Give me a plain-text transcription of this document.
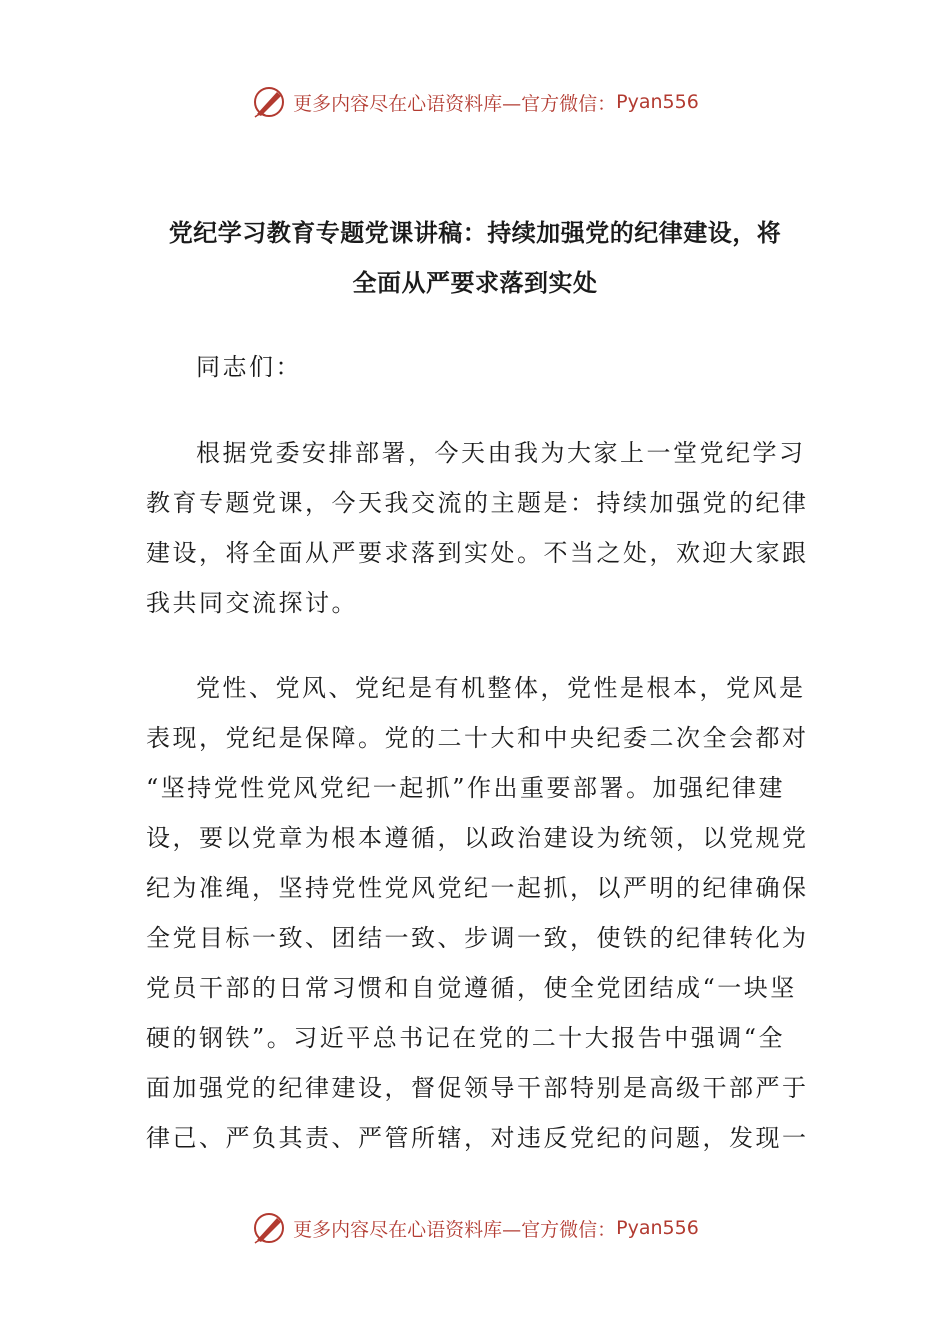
更多内容尽在心语资料库—官方微信： Pyan556
党纪学习教育专题党课讲稿：持续加强党的纪律建设，将
全面从严要求落到实处
同志们：
根据党委安排部署，今天由我为大家上一堂党纪学习
教育专题党课，今天我交流的主题是：持续加强党的纪律
建设，将全面从严要求落到实处。不当之处，欢迎大家跟
我共同交流探讨。
党性、党风、党纪是有机整体，党性是根本，党风是
表现，党纪是保障。党的二十大和中央纪委二次全会都对
“坚持党性党风党纪一起抓”作出重要部署。加强纪律建
设，要以党章为根本遵循，以政治建设为统领，以党规党
纪为准绳，坚持党性党风党纪一起抓，以严明的纪律确保
全党目标一致、团结一致、步调一致，使铁的纪律转化为
党员干部的日常习惯和自觉遵循，使全党团结成“一块坚
硬的钢铁”。习近平总书记在党的二十大报告中强调“全
面加强党的纪律建设，督促领导干部特别是高级干部严于
律己、严负其责、严管所辖，对违反党纪的问题，发现一
更多内容尽在心语资料库—官方微信： Pyan556
